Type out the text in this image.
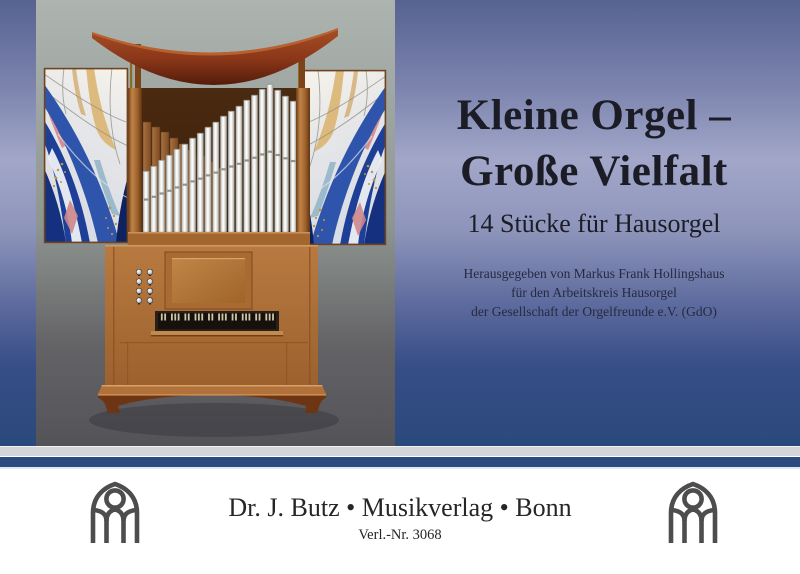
Kleine Orgel –
Große Vielfalt
14 Stücke für Hausorgel
Herausgegeben von Markus Frank Hollingshaus
für den Arbeitskreis Hausorgel
der Gesellschaft der Orgelfreunde e.V. (GdO)
Dr. J. Butz • Musikverlag • Bonn
Verl.-Nr. 3068
